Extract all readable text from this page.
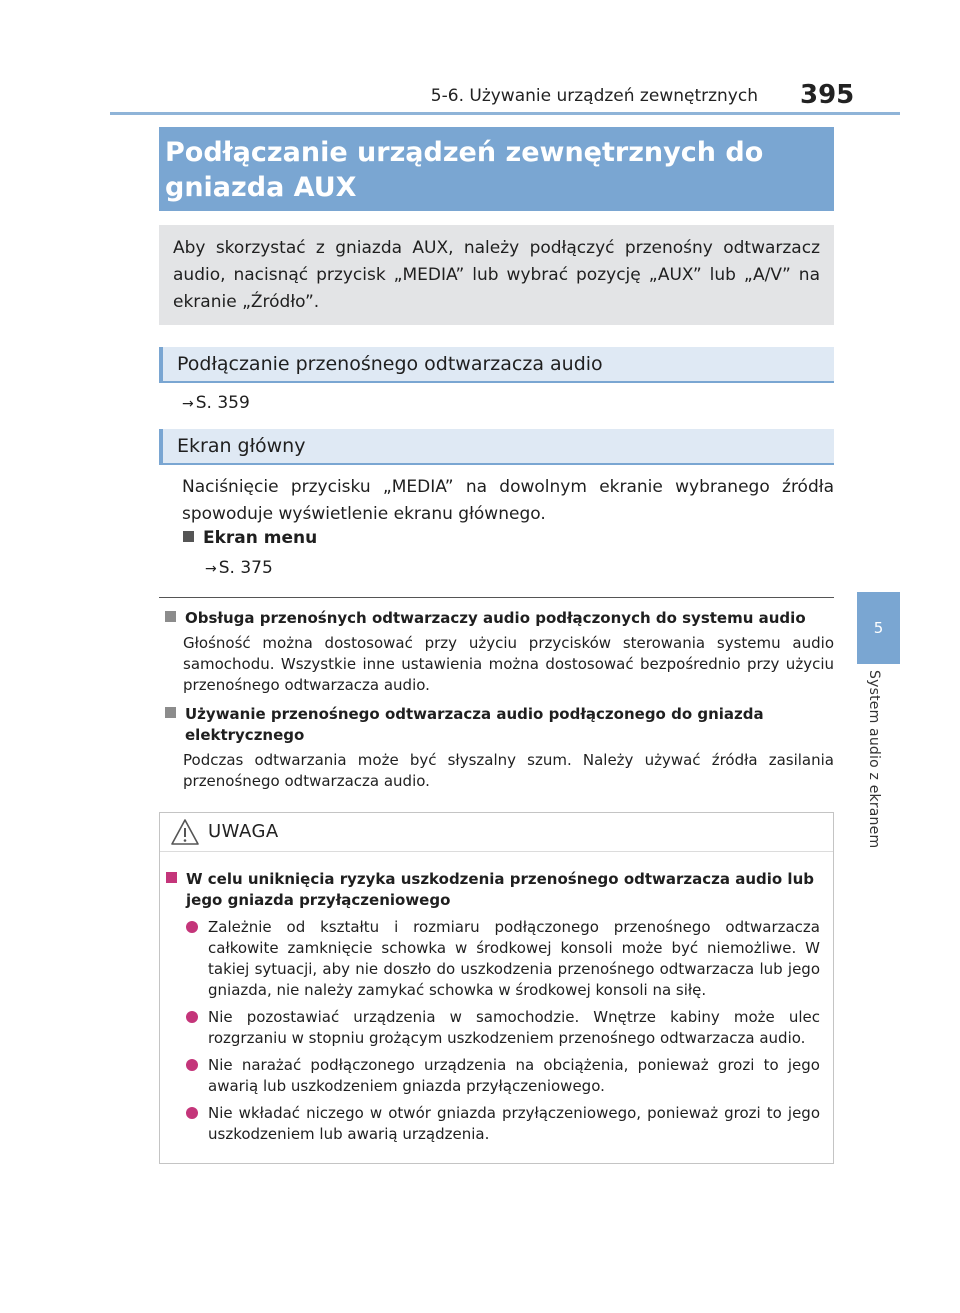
5-6. Używanie urządzeń zewnętrznych 395
5
System audio z ekranem
Podłączanie urządzeń zewnętrznych do gniazda AUX
Aby skorzystać z gniazda AUX, należy podłączyć przenośny odtwarzacz audio, nacisnąć przycisk „MEDIA” lub wybrać pozycję „AUX” lub „A/V” na ekranie „Źródło”.
Podłączanie przenośnego odtwarzacza audio
→ S. 359
Ekran główny
Naciśnięcie przycisku „MEDIA” na dowolnym ekranie wybranego źródła spowoduje wyświetlenie ekranu głównego.
Ekran menu
→ S. 375
Obsługa przenośnych odtwarzaczy audio podłączonych do systemu audio
Głośność można dostosować przy użyciu przycisków sterowania systemu audio samochodu. Wszystkie inne ustawienia można dostosować bezpośrednio przy użyciu przenośnego odtwarzacza audio.
Używanie przenośnego odtwarzacza audio podłączonego do gniazda elektrycznego
Podczas odtwarzania może być słyszalny szum. Należy używać źródła zasilania przenośnego odtwarzacza audio.
UWAGA
W celu uniknięcia ryzyka uszkodzenia przenośnego odtwarzacza audio lub jego gniazda przyłączeniowego
Zależnie od kształtu i rozmiaru podłączonego przenośnego odtwarzacza całkowite zamknięcie schowka w środkowej konsoli może być niemożliwe. W takiej sytuacji, aby nie doszło do uszkodzenia przenośnego odtwarzacza lub jego gniazda, nie należy zamykać schowka w środkowej konsoli na siłę.
Nie pozostawiać urządzenia w samochodzie. Wnętrze kabiny może ulec rozgrzaniu w stopniu grożącym uszkodzeniem przenośnego odtwarzacza audio.
Nie narażać podłączonego urządzenia na obciążenia, ponieważ grozi to jego awarią lub uszkodzeniem gniazda przyłączeniowego.
Nie wkładać niczego w otwór gniazda przyłączeniowego, ponieważ grozi to jego uszkodzeniem lub awarią urządzenia.
